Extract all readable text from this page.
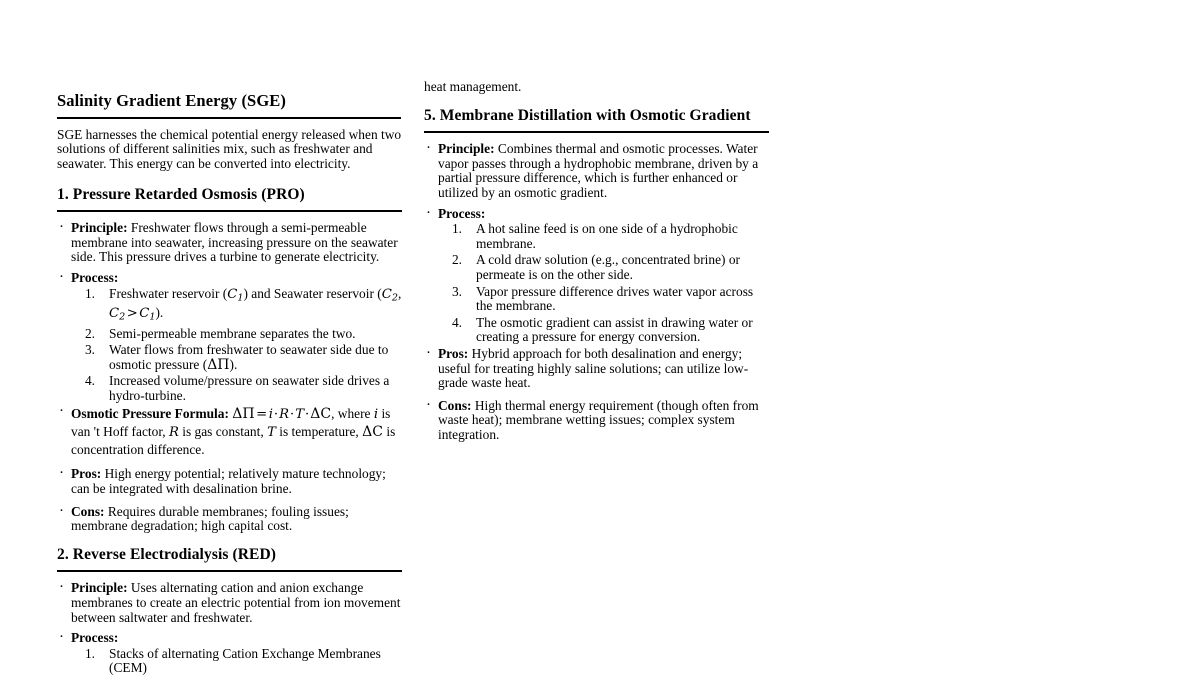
Salinity Gradient Energy (SGE)

SGE harnesses the chemical potential energy released when two solutions of different salinities mix, such as freshwater and seawater. This energy can be converted into electricity.

1. Pressure Retarded Osmosis (PRO)
· Principle: Freshwater flows through a semi-permeable membrane into seawater, increasing pressure on the seawater side. This pressure drives a turbine to generate electricity.
· Process:
1. Freshwater reservoir (C1) and Seawater reservoir (C2,
C2 > C1).
2. Semi-permeable membrane separates the two.
3. Water flows from freshwater to seawater side due to osmotic pressure (ΔΠ).
4. Increased volume/pressure on seawater side drives a hydro-turbine.
· Osmotic Pressure Formula: ΔΠ = i·R·T·ΔC, where i is van 't Hoff factor, R is gas constant, T is temperature, ΔC is concentration difference.
· Pros: High energy potential; relatively mature technology; can be integrated with desalination brine.
· Cons: Requires durable membranes; fouling issues; membrane degradation; high capital cost.
2. Reverse Electrodialysis (RED)
· Principle: Uses alternating cation and anion exchange membranes to create an electric potential from ion movement between saltwater and freshwater.
· Process:
1. Stacks of alternating Cation Exchange Membranes (CEM)

heat management.

5. Membrane Distillation with Osmotic Gradient
· Principle: Combines thermal and osmotic processes. Water vapor passes through a hydrophobic membrane, driven by a partial pressure difference, which is further enhanced or utilized by an osmotic gradient.
· Process:
1. A hot saline feed is on one side of a hydrophobic membrane.
2. A cold draw solution (e.g., concentrated brine) or permeate is on the other side.
3. Vapor pressure difference drives water vapor across the membrane.
4. The osmotic gradient can assist in drawing water or creating a pressure for energy conversion.
· Pros: Hybrid approach for both desalination and energy; useful for treating highly saline solutions; can utilize low-grade waste heat.
· Cons: High thermal energy requirement (though often from waste heat); membrane wetting issues; complex system integration.
